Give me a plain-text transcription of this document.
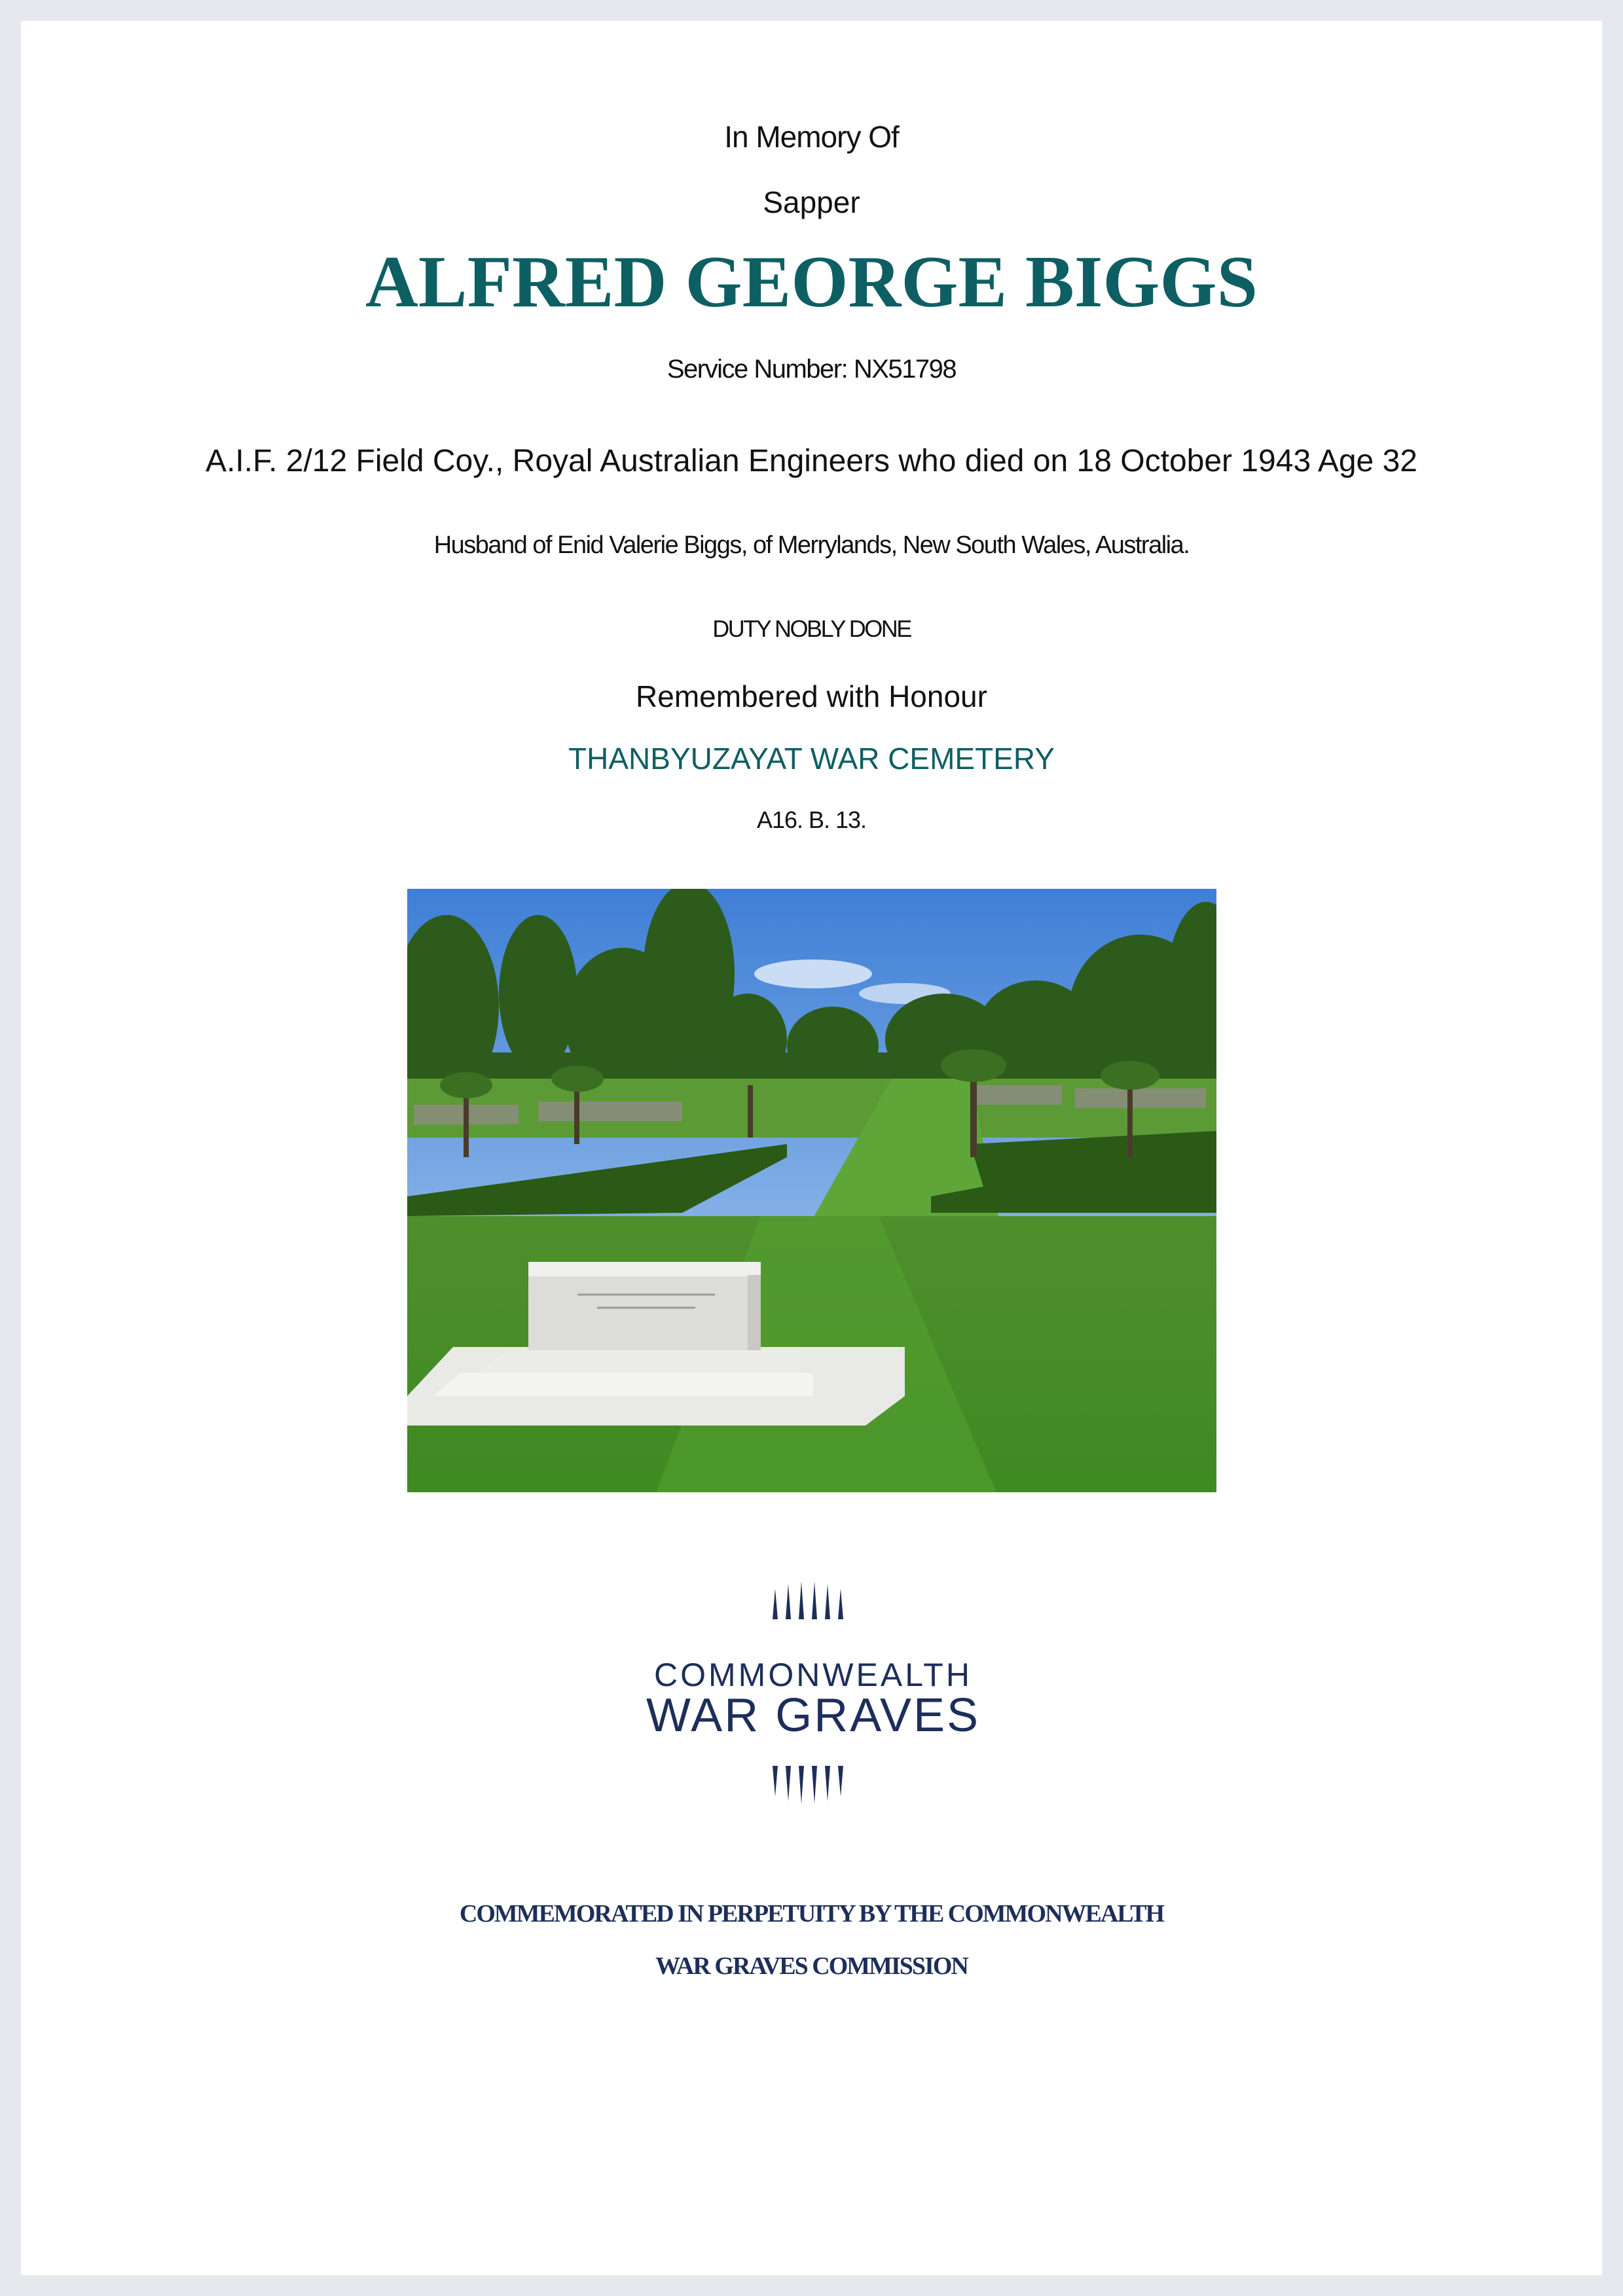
In Memory Of
Sapper
ALFRED GEORGE BIGGS
Service Number: NX51798
A.I.F. 2/12 Field Coy., Royal Australian Engineers who died on 18 October 1943 Age 32
Husband of Enid Valerie Biggs, of Merrylands, New South Wales, Australia.
DUTY NOBLY DONE
Remembered with Honour
THANBYUZAYAT WAR CEMETERY
A16. B. 13.
COMMONWEALTH
WAR GRAVES
COMMEMORATED IN PERPETUITY BY THE COMMONWEALTH
WAR GRAVES COMMISSION
